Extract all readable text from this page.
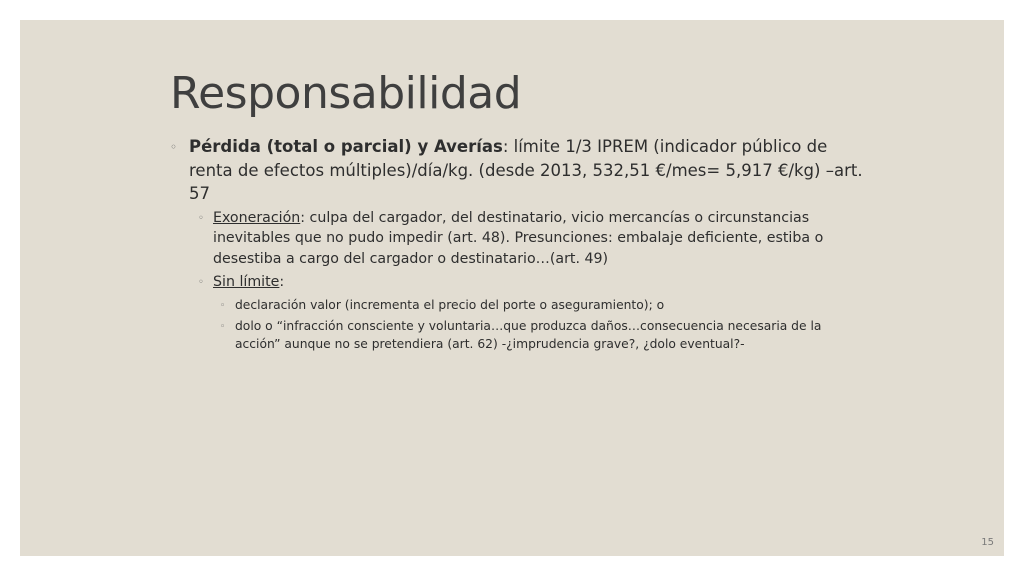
Responsabilidad
◦ Pérdida (total o parcial) y Averías: límite 1/3 IPREM (indicador público de renta de efectos múltiples)/día/kg. (desde 2013, 532,51 €/mes= 5,917 €/kg) –art. 57
◦ Exoneración: culpa del cargador, del destinatario, vicio mercancías o circunstancias inevitables que no pudo impedir (art. 48). Presunciones: embalaje deficiente, estiba o desestiba a cargo del cargador o destinatario…(art. 49)
◦ Sin límite:
◦ declaración valor (incrementa el precio del porte o aseguramiento); o
◦ dolo o “infracción consciente y voluntaria…que produzca daños…consecuencia necesaria de la acción” aunque no se pretendiera (art. 62) -¿imprudencia grave?, ¿dolo eventual?-
15
